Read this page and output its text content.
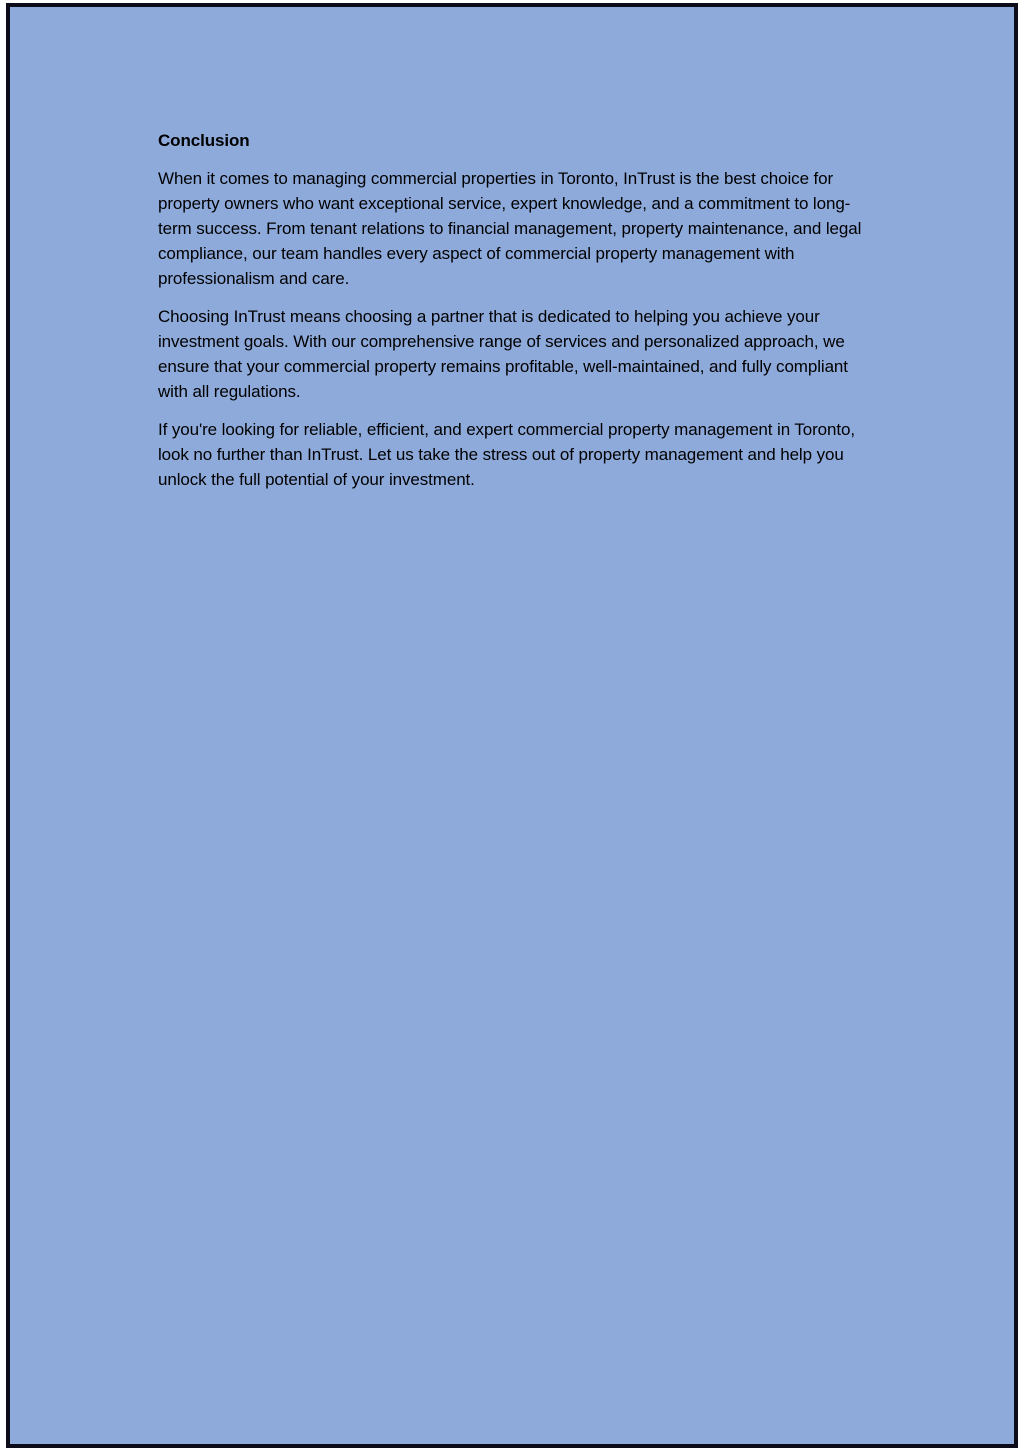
Conclusion

When it comes to managing commercial properties in Toronto, InTrust is the best choice for property owners who want exceptional service, expert knowledge, and a commitment to long-term success. From tenant relations to financial management, property maintenance, and legal compliance, our team handles every aspect of commercial property management with professionalism and care.

Choosing InTrust means choosing a partner that is dedicated to helping you achieve your investment goals. With our comprehensive range of services and personalized approach, we ensure that your commercial property remains profitable, well-maintained, and fully compliant with all regulations.

If you're looking for reliable, efficient, and expert commercial property management in Toronto, look no further than InTrust. Let us take the stress out of property management and help you unlock the full potential of your investment.
